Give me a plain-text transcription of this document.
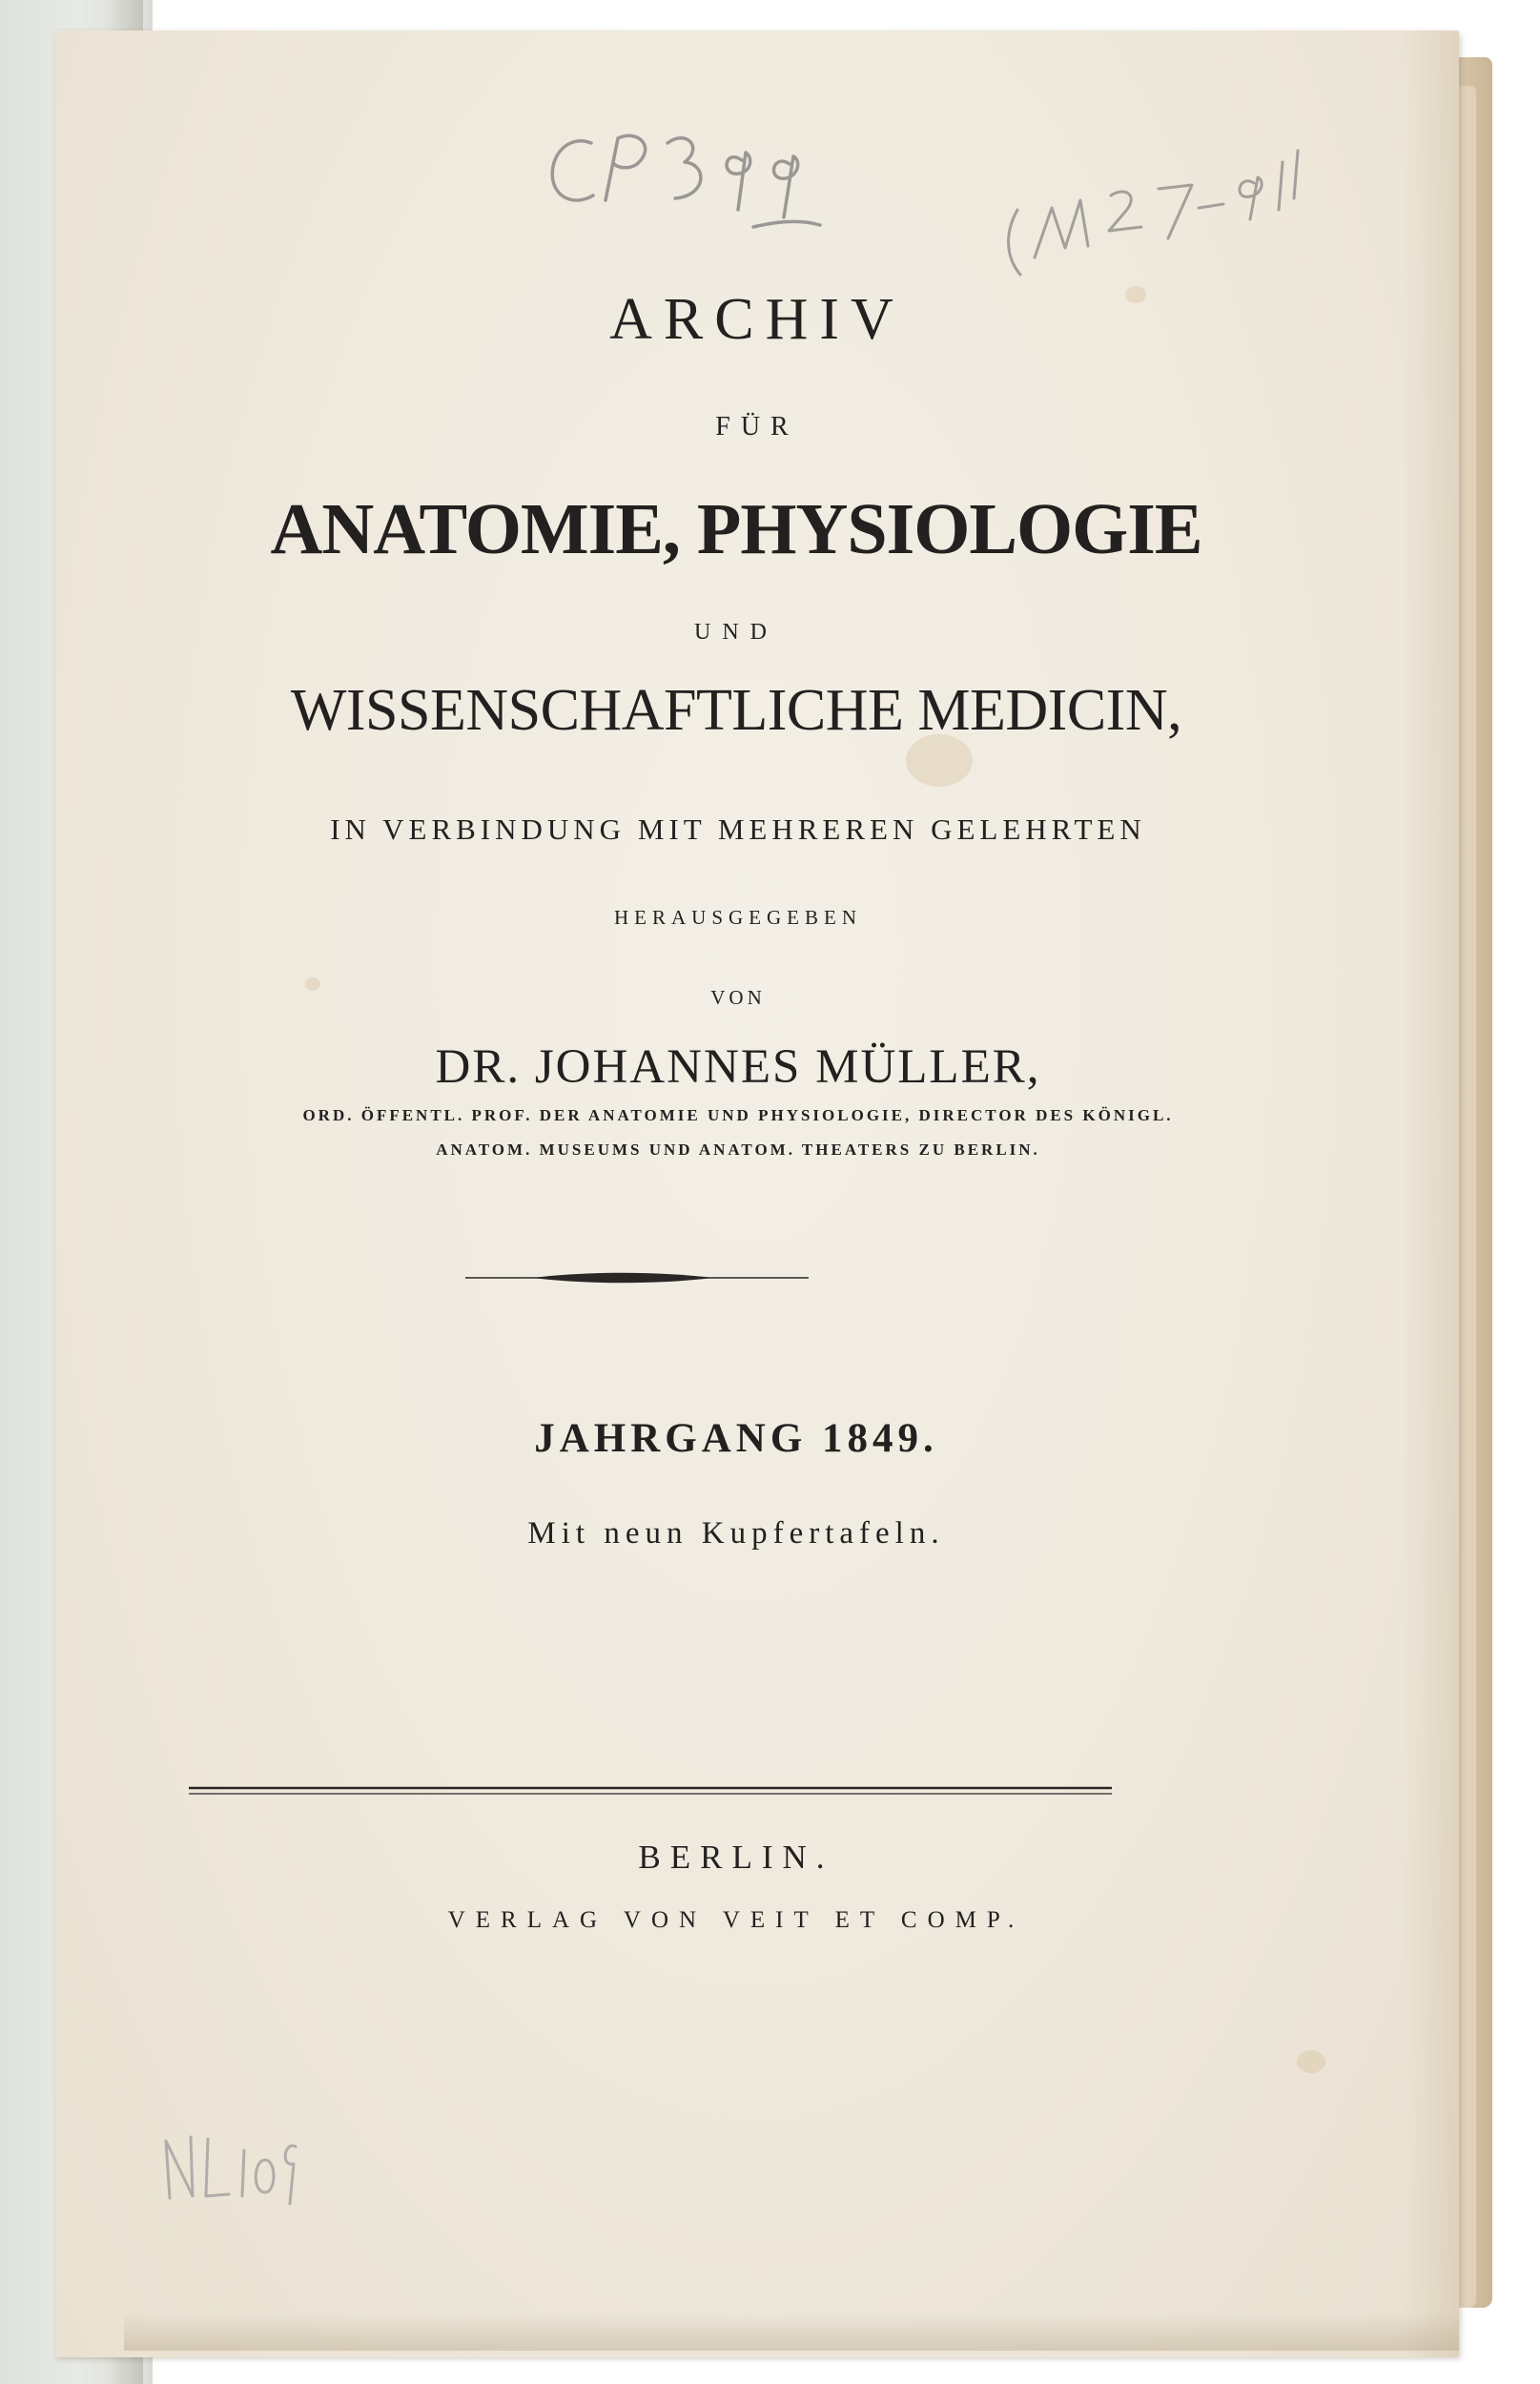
ARCHIV

FÜR

ANATOMIE, PHYSIOLOGIE

UND

WISSENSCHAFTLICHE MEDICIN,

IN VERBINDUNG MIT MEHREREN GELEHRTEN

HERAUSGEGEBEN

VON

DR. JOHANNES MÜLLER,

ORD. ÖFFENTL. PROF. DER ANATOMIE UND PHYSIOLOGIE, DIRECTOR DES KÖNIGL.

ANATOM. MUSEUMS UND ANATOM. THEATERS ZU BERLIN.

JAHRGANG 1849.

Mit neun Kupfertafeln.

BERLIN.

VERLAG VON VEIT ET COMP.
